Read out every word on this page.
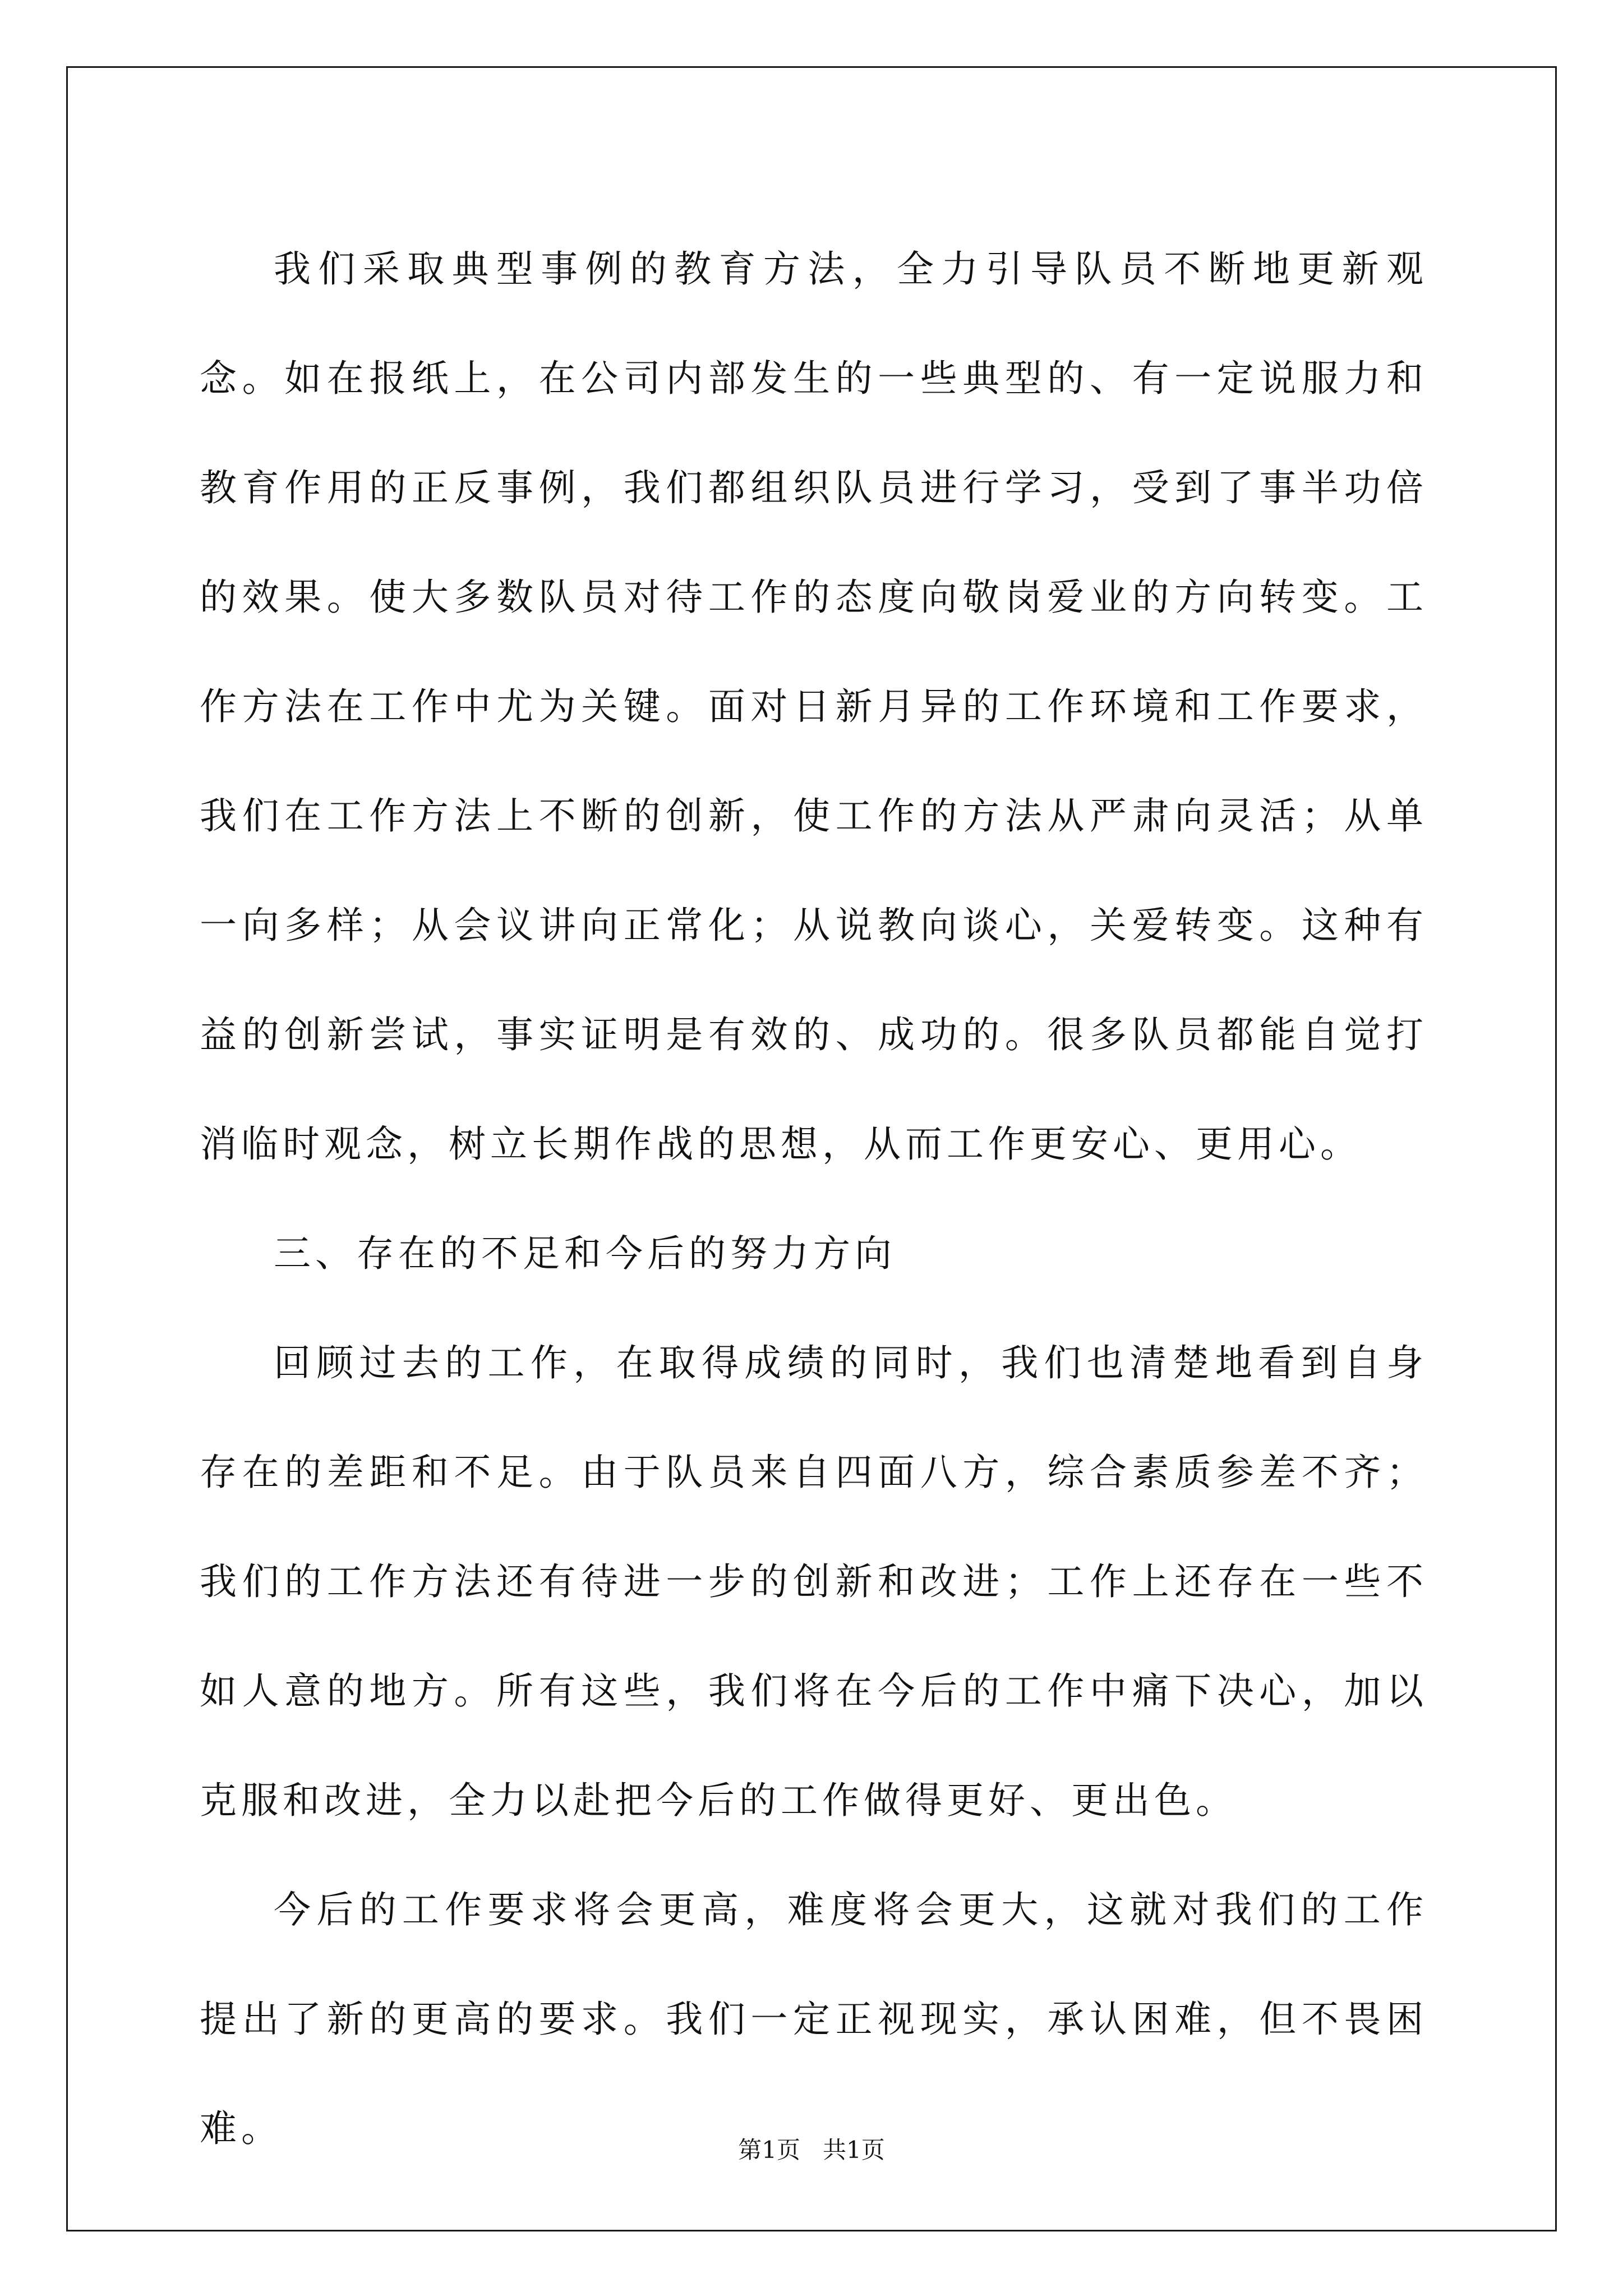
我们采取典型事例的教育方法，全力引导队员不断地更新观念。如在报纸上，在公司内部发生的一些典型的、有一定说服力和教育作用的正反事例，我们都组织队员进行学习，受到了事半功倍的效果。使大多数队员对待工作的态度向敬岗爱业的方向转变。工作方法在工作中尤为关键。面对日新月异的工作环境和工作要求，我们在工作方法上不断的创新，使工作的方法从严肃向灵活；从单一向多样；从会议讲向正常化；从说教向谈心，关爱转变。这种有益的创新尝试，事实证明是有效的、成功的。很多队员都能自觉打消临时观念，树立长期作战的思想，从而工作更安心、更用心。

三、存在的不足和今后的努力方向

回顾过去的工作，在取得成绩的同时，我们也清楚地看到自身存在的差距和不足。由于队员来自四面八方，综合素质参差不齐；我们的工作方法还有待进一步的创新和改进；工作上还存在一些不如人意的地方。所有这些，我们将在今后的工作中痛下决心，加以克服和改进，全力以赴把今后的工作做得更好、更出色。

今后的工作要求将会更高，难度将会更大，这就对我们的工作提出了新的更高的要求。我们一定正视现实，承认困难，但不畏困难。	第1页   共1页
